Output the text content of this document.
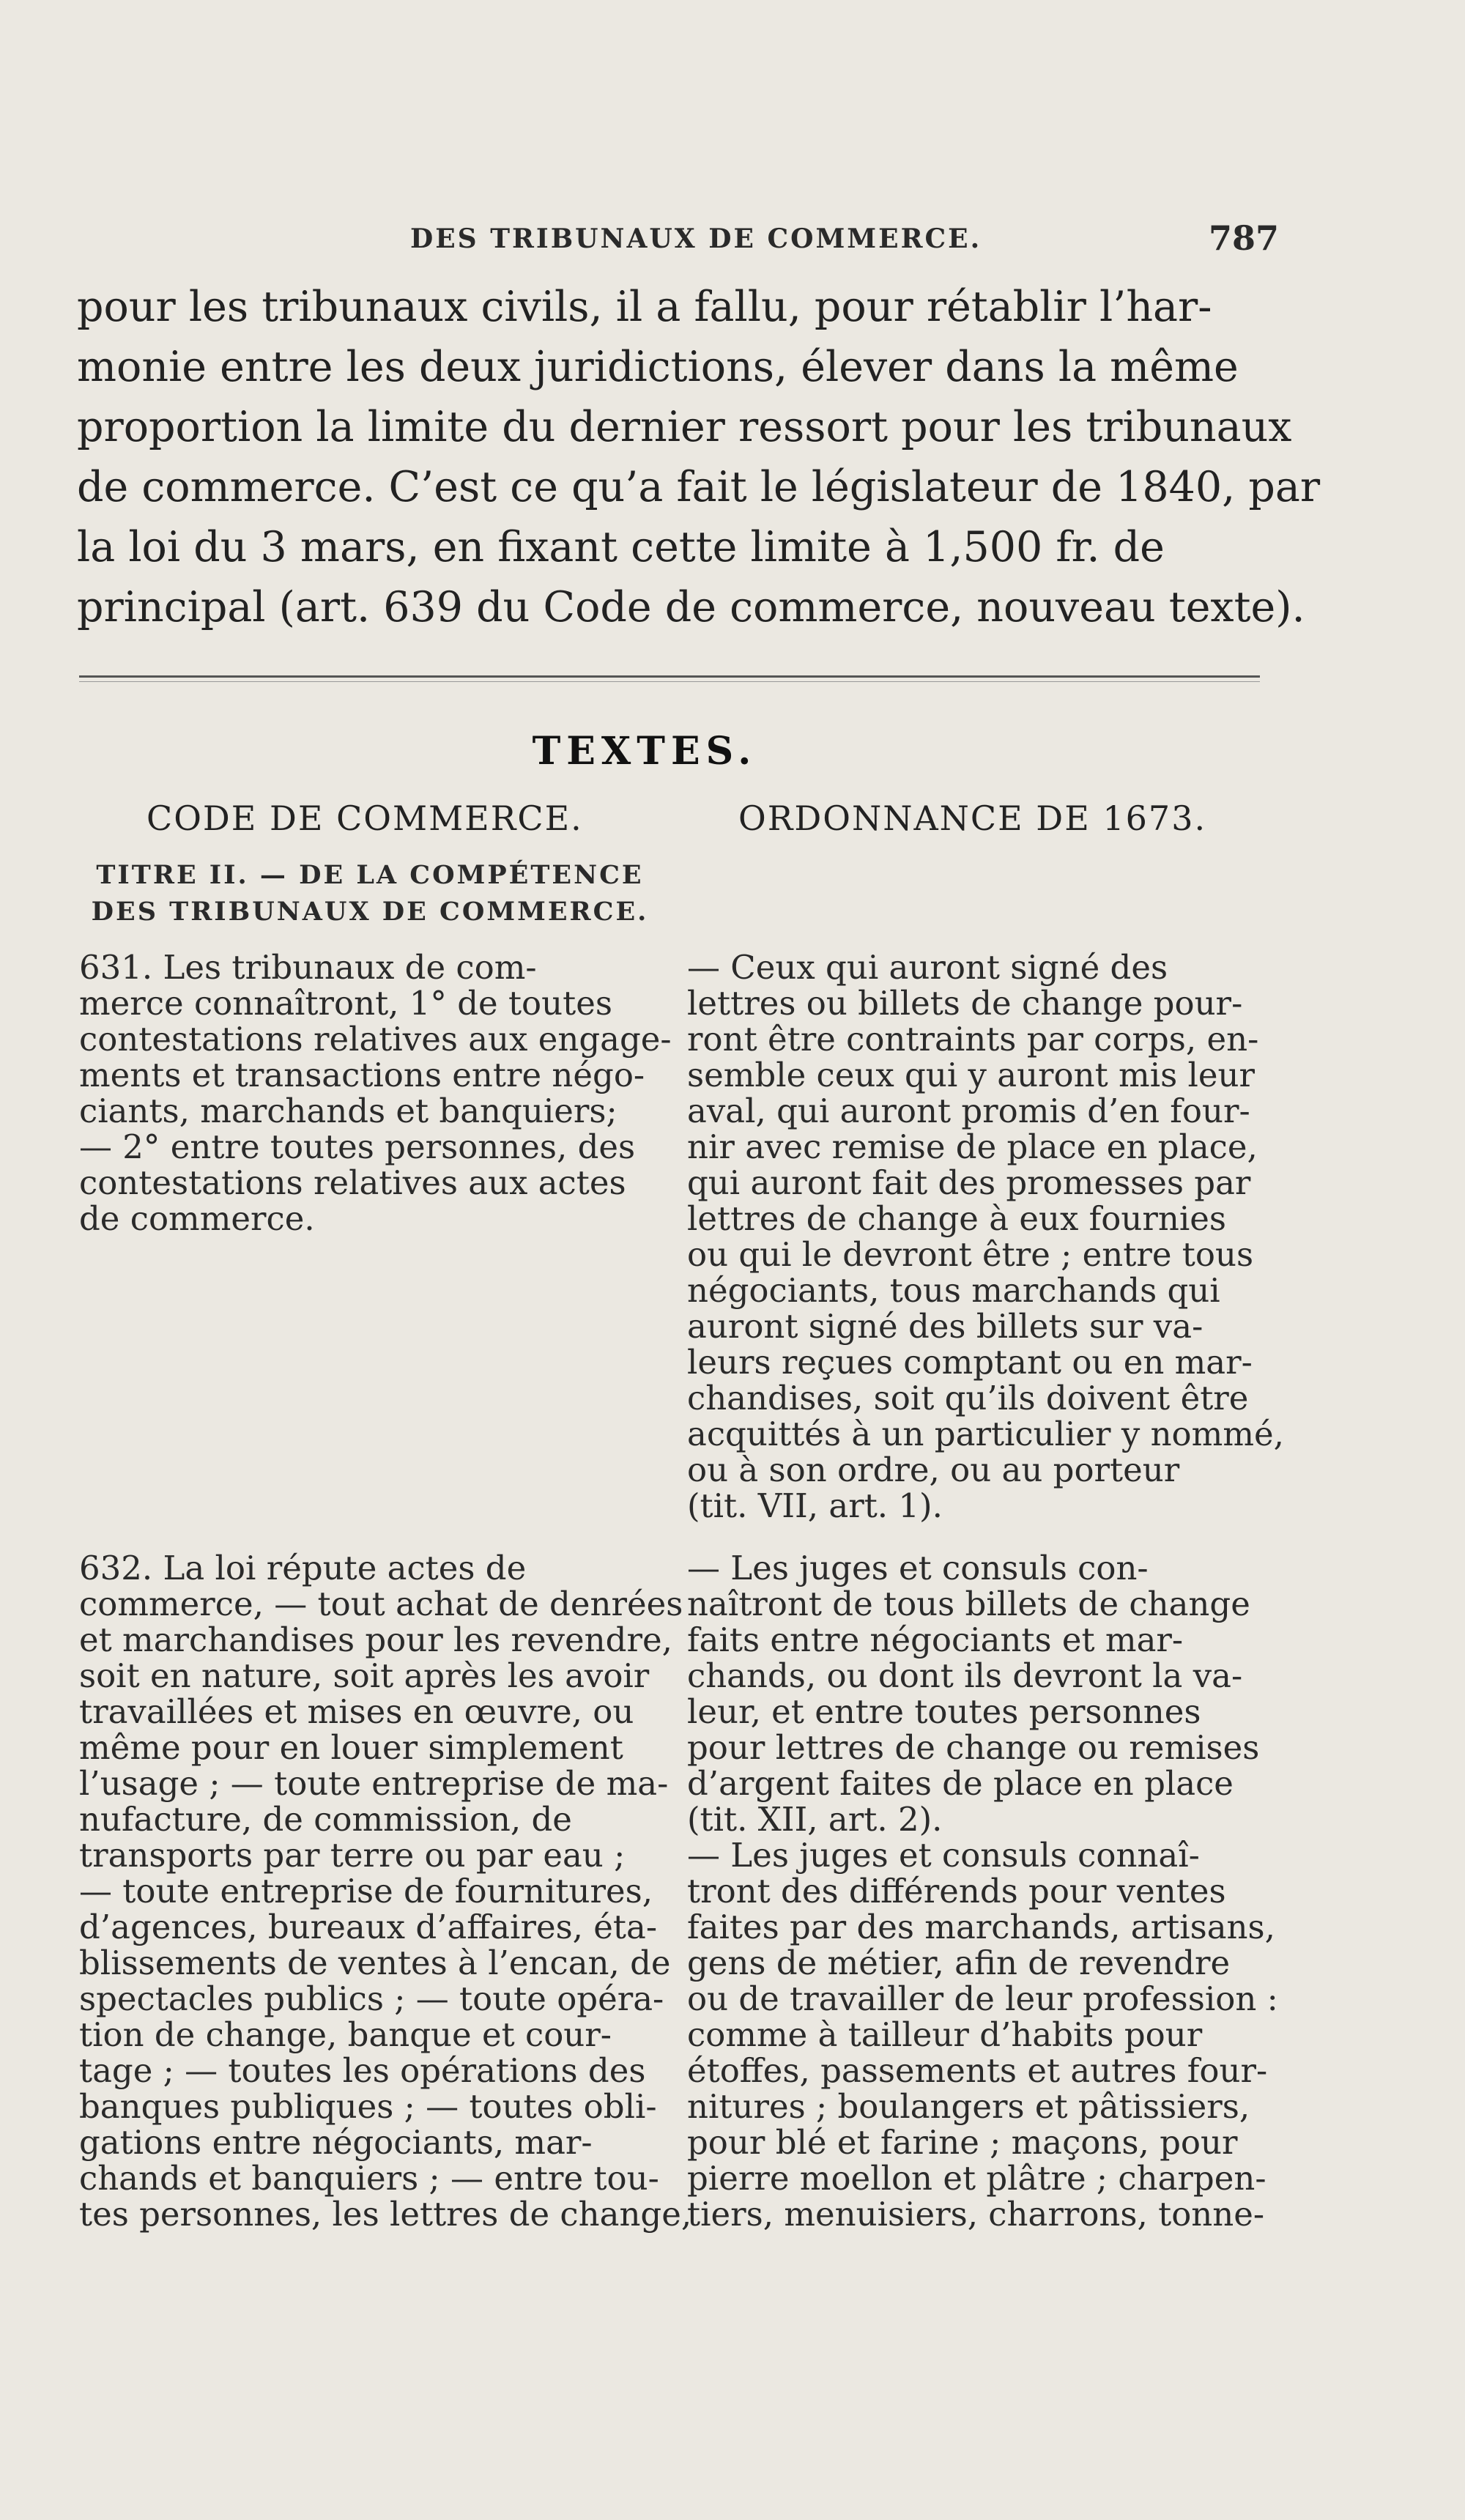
DES TRIBUNAUX DE COMMERCE.	787
pour les tribunaux civils, il a fallu, pour rétablir l’har-
monie entre les deux juridictions, élever dans la même
proportion la limite du dernier ressort pour les tribunaux
de commerce. C’est ce qu’a fait le législateur de 1840, par
la loi du 3 mars, en fixant cette limite à 1,500 fr. de
principal (art. 639 du Code de commerce, nouveau texte).
TEXTES.
CODE DE COMMERCE.	ORDONNANCE DE 1673.
TITRE II. — DE LA COMPÉTENCE
DES TRIBUNAUX DE COMMERCE.
631. Les tribunaux de com-
merce connaîtront, 1° de toutes
contestations relatives aux engage-
ments et transactions entre négo-
ciants, marchands et banquiers;
— 2° entre toutes personnes, des
contestations relatives aux actes
de commerce.
632. La loi répute actes de
commerce, — tout achat de denrées
et marchandises pour les revendre,
soit en nature, soit après les avoir
travaillées et mises en œuvre, ou
même pour en louer simplement
l’usage ; — toute entreprise de ma-
nufacture, de commission, de
transports par terre ou par eau ;
— toute entreprise de fournitures,
d’agences, bureaux d’affaires, éta-
blissements de ventes à l’encan, de
spectacles publics ; — toute opéra-
tion de change, banque et cour-
tage ; — toutes les opérations des
banques publiques ; — toutes obli-
gations entre négociants, mar-
chands et banquiers ; — entre tou-
tes personnes, les lettres de change,
— Ceux qui auront signé des
lettres ou billets de change pour-
ront être contraints par corps, en-
semble ceux qui y auront mis leur
aval, qui auront promis d’en four-
nir avec remise de place en place,
qui auront fait des promesses par
lettres de change à eux fournies
ou qui le devront être ; entre tous
négociants, tous marchands qui
auront signé des billets sur va-
leurs reçues comptant ou en mar-
chandises, soit qu’ils doivent être
acquittés à un particulier y nommé,
ou à son ordre, ou au porteur
(tit. VII, art. 1).
— Les juges et consuls con-
naîtront de tous billets de change
faits entre négociants et mar-
chands, ou dont ils devront la va-
leur, et entre toutes personnes
pour lettres de change ou remises
d’argent faites de place en place
(tit. XII, art. 2).
— Les juges et consuls connaî-
tront des différends pour ventes
faites par des marchands, artisans,
gens de métier, afin de revendre
ou de travailler de leur profession :
comme à tailleur d’habits pour
étoffes, passements et autres four-
nitures ; boulangers et pâtissiers,
pour blé et farine ; maçons, pour
pierre moellon et plâtre ; charpen-
tiers, menuisiers, charrons, tonne-
